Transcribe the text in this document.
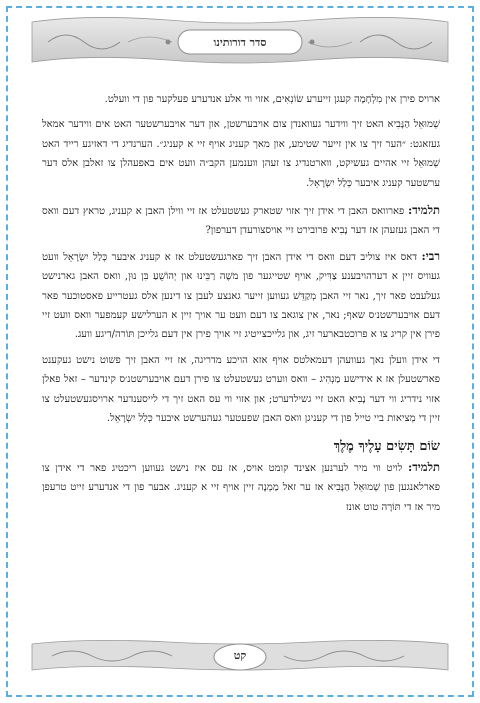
סדר דורותינו

ארויס פירן אין מִלְחָמָה קעגן זייערע שׂוֹנְאִים, אזוי ווי אלע אנדערע פעלקער פון די וועלט.

שְׁמוּאֵל הַנָּבִיא האט זיך ווידער געוואנדן צום אויבערשטן, און דער אויבערשטער האט אים ווידער אמאל געזאגט: ״הער זיך צו אין זייער שטימע, און מאך קעניג אויף זיי א קעניג״. הערנדיג די דאזיגע רייד האט שְׁמוּאֵל זיי אהיים געשיקט, ווארטנדיג צו זעהן ווענמען הקב״ה וועט אים באפעהלן צו זאלבן אלס דער ערשטער קעניג איבער כְּלַל יִשְׂרָאֵל.

תלמיד: פארוואס האבן די אידן זיך אזוי שטארק געשטעלט אז זיי ווילן האבן א קעניג, טראץ דעם וואס די האבן געזעהן אז דער נָבִיא פרובירט זיי אויסצורעדן דערפון?

רבי: דאס איז צוליב דעם וואס די אידן האבן זיך פארגעשטעלט אז א קעניג איבער כְּלַל יִשְׂרָאֵל וועט געוויס זיין א דערהויבענע צַדִּיק, אויף שטייגער פון משֶׁה רַבֵּינוּ און יְהוֹשֻׁעַ בִּן נוּן, וואס האבן גארנישט געלעבט פאר זיך, נאר זיי האבן מְקַדֵּשׁ געווען זייער גאנצע לעבן צו דינען אלס געטרייע פאסטוכער פאר דעם אויבערשטנ׳ס שאף; נאר, אין צוגאב צו דעם וועט ער אויך זיין א הערלישע קעמפער וואס וועט זיי פירן אין קריג צו א פרוכטבארער זיג, און גלייכצייטיג זיי אויך פירן אין דעם גלייכן תּוֹרה/דיגע וועג.

די אידן וועלן נאך געוועהן דעמאלטס אויף אזא הויכע מדריגה, אז זיי האבן זיך פשוט נישט געקענט פארשטעלן אז א אידישע מַנְהִיג – וואס ווערט געשטעלט צו פירן דעם אויבערשטנ׳ס קינדער – זאל פאלן אזוי נידריג ווי דער נָבִיא האט זיי גשילדערט; און אזוי ווי עס האט זיך די לייסענדער ארויסגעשטעלט צו זיין די מְציאות ביי טייל פון די קעניגן וואס האבן שפעטער געהערשט איבער כְּלַל יִשְׂרָאֵל.

שׂוֹם תָּשִׂים עָלֶיךָ מֶלֶךְ

תלמיד: לויט ווי מיר לערנען אצינד קומט אויס, אז עס איז נישט געווען ריכטיג פאר די אידן צו פארלאנגען פון שְׁמוּאֵל הַנָּבִיא אז ער זאל מַמְנֶה זיין אויף זיי א קעניג. אבער פון די אנדערע זייט טרעפן מיר אז די תּוֹרָה טוט אונז

קט
